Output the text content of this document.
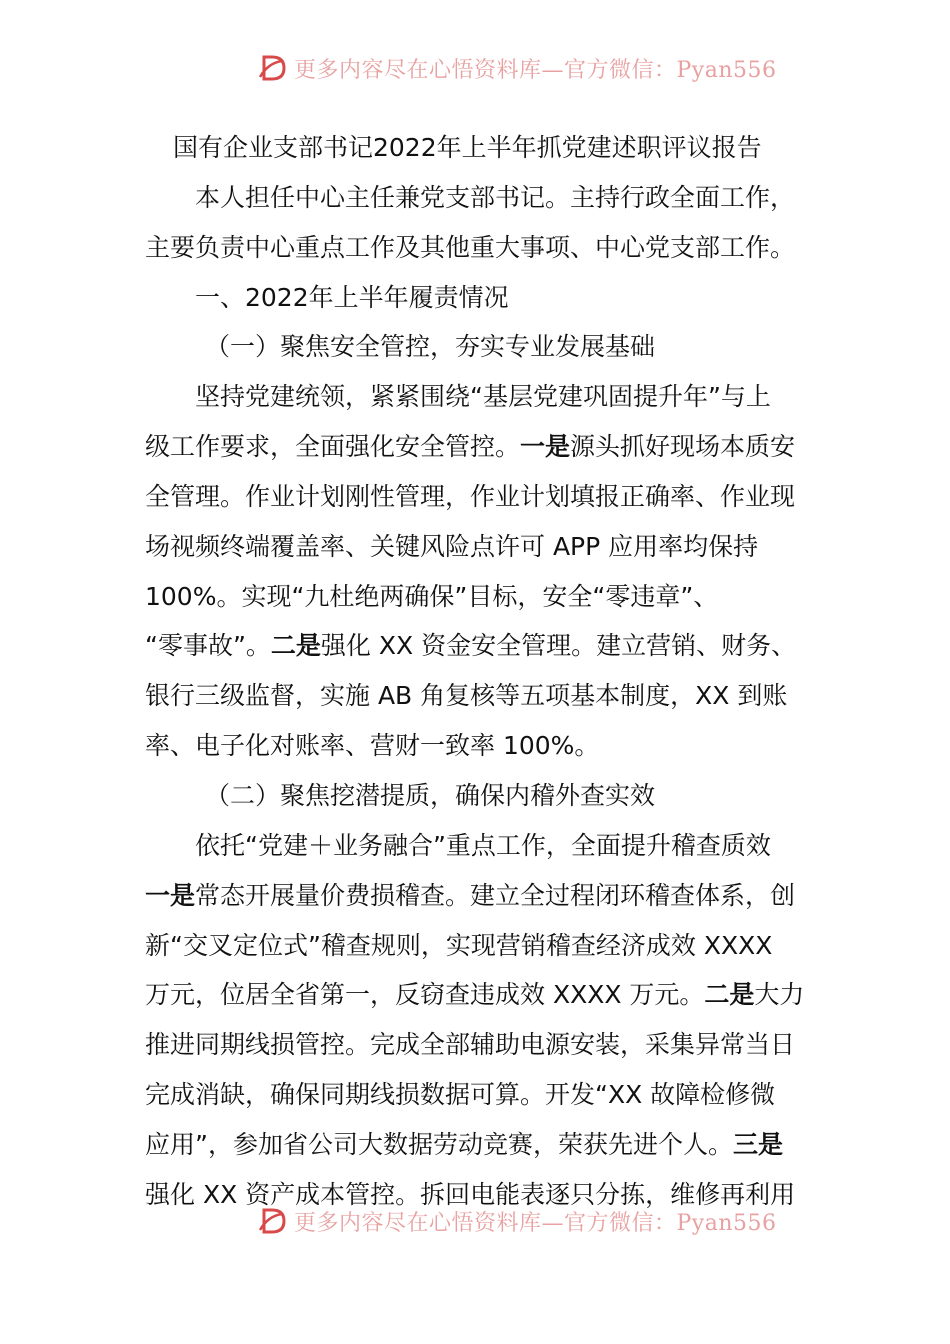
更多内容尽在心悟资料库—官方微信：Pyan556
国有企业支部书记2022年上半年抓党建述职评议报告
本人担任中心主任兼党支部书记。主持行政全面工作，
主要负责中心重点工作及其他重大事项、中心党支部工作。
一、2022年上半年履责情况
（一）聚焦安全管控，夯实专业发展基础
坚持党建统领，紧紧围绕“基层党建巩固提升年”与上
级工作要求，全面强化安全管控。一是源头抓好现场本质安
全管理。作业计划刚性管理，作业计划填报正确率、作业现
场视频终端覆盖率、关键风险点许可 APP 应用率均保持
100%。实现“九杜绝两确保”目标，安全“零违章”、
“零事故”。二是强化 XX 资金安全管理。建立营销、财务、
银行三级监督，实施 AB 角复核等五项基本制度，XX 到账
率、电子化对账率、营财一致率 100%。
（二）聚焦挖潜提质，确保内稽外查实效
依托“党建＋业务融合”重点工作，全面提升稽查质效
一是常态开展量价费损稽查。建立全过程闭环稽查体系，创
新“交叉定位式”稽查规则，实现营销稽查经济成效 XXXX
万元，位居全省第一，反窃查违成效 XXXX 万元。二是大力
推进同期线损管控。完成全部辅助电源安装，采集异常当日
完成消缺，确保同期线损数据可算。开发“XX 故障检修微
应用”，参加省公司大数据劳动竞赛，荣获先进个人。三是
强化 XX 资产成本管控。拆回电能表逐只分拣，维修再利用
更多内容尽在心悟资料库—官方微信：Pyan556
